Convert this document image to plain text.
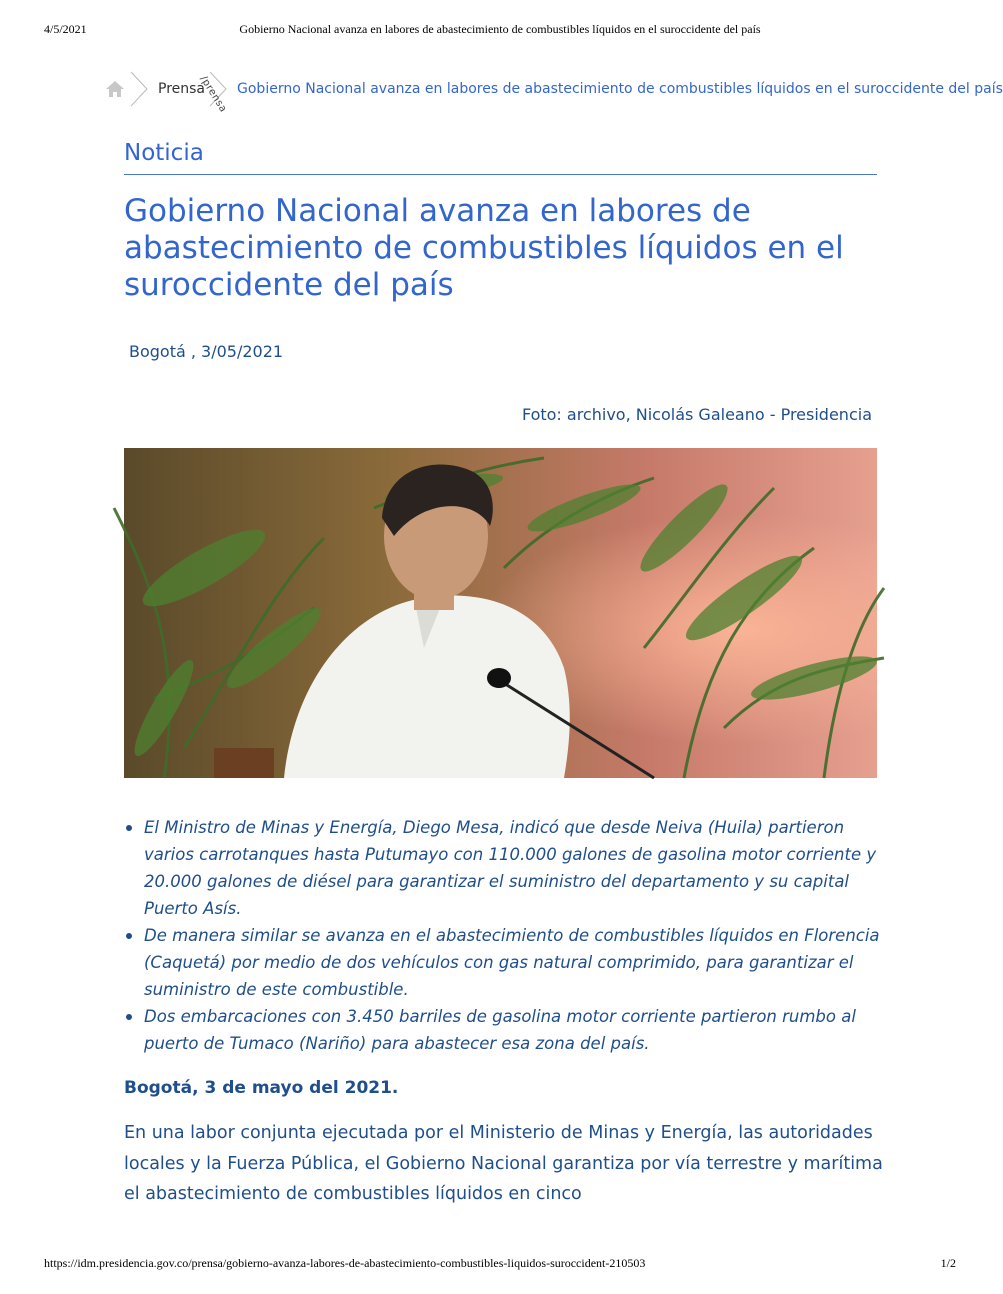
4/5/2021	Gobierno Nacional avanza en labores de abastecimiento de combustibles líquidos en el suroccidente del país
Prensa
/prensa Gobierno Nacional avanza en labores de abastecimiento de combustibles líquidos en el suroccidente del país
Noticia
Gobierno Nacional avanza en labores de abastecimiento de combustibles líquidos en el suroccidente del país
Bogotá , 3/05/2021
Foto: archivo, Nicolás Galeano - Presidencia
El Ministro de Minas y Energía, Diego Mesa, indicó que desde Neiva (Huila) partieron varios carrotanques hasta Putumayo con 110.000 galones de gasolina motor corriente y 20.000 galones de diésel para garantizar el suministro del departamento y su capital Puerto Asís.
De manera similar se avanza en el abastecimiento de combustibles líquidos en Florencia (Caquetá) por medio de dos vehículos con gas natural comprimido, para garantizar el suministro de este combustible.
Dos embarcaciones con 3.450 barriles de gasolina motor corriente partieron rumbo al puerto de Tumaco (Nariño) para abastecer esa zona del país.
Bogotá, 3 de mayo del 2021.

En una labor conjunta ejecutada por el Ministerio de Minas y Energía, las autoridades locales y la Fuerza Pública, el Gobierno Nacional garantiza por vía terrestre y marítima el abastecimiento de combustibles líquidos en cinco

https://idm.presidencia.gov.co/prensa/gobierno-avanza-labores-de-abastecimiento-combustibles-liquidos-suroccident-210503	1/2
